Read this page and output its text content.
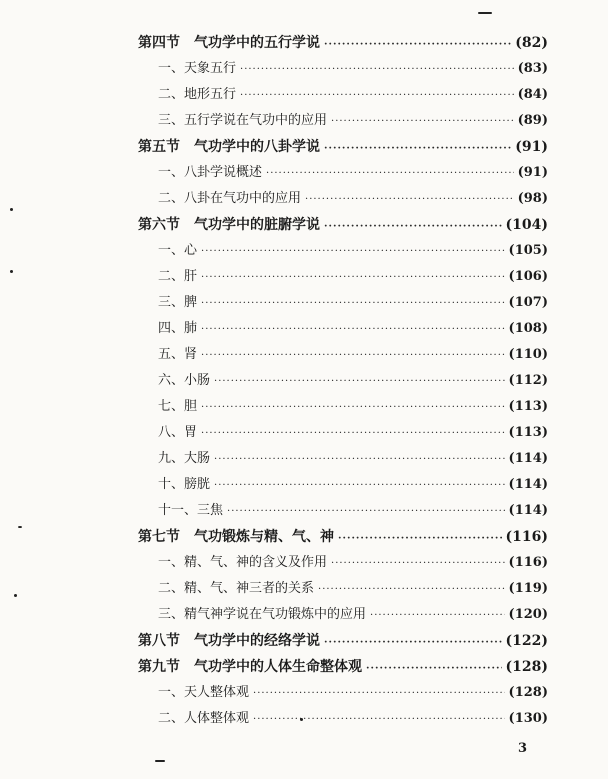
第四节　气功学中的五行学说 ·····	(82)
一、天象五行 ·····	(83)
二、地形五行 ·····	(84)
三、五行学说在气功中的应用 ·····	(89)
第五节　气功学中的八卦学说 ·····	(91)
一、八卦学说概述 ·····	(91)
二、八卦在气功中的应用 ·····	(98)
第六节　气功学中的脏腑学说 ·····	(104)
一、心 ·····	(105)
二、肝 ·····	(106)
三、脾 ·····	(107)
四、肺 ·····	(108)
五、肾 ·····	(110)
六、小肠 ·····	(112)
七、胆 ·····	(113)
八、胃 ·····	(113)
九、大肠 ·····	(114)
十、膀胱 ·····	(114)
十一、三焦 ·····	(114)
第七节　气功锻炼与精、气、神 ·····	(116)
一、精、气、神的含义及作用 ·····	(116)
二、精、气、神三者的关系 ·····	(119)
三、精气神学说在气功锻炼中的应用 ·····	(120)
第八节　气功学中的经络学说 ·····	(122)
第九节　气功学中的人体生命整体观 ·····	(128)
一、天人整体观 ·····	(128)
二、人体整体观 ·····	(130)
3
